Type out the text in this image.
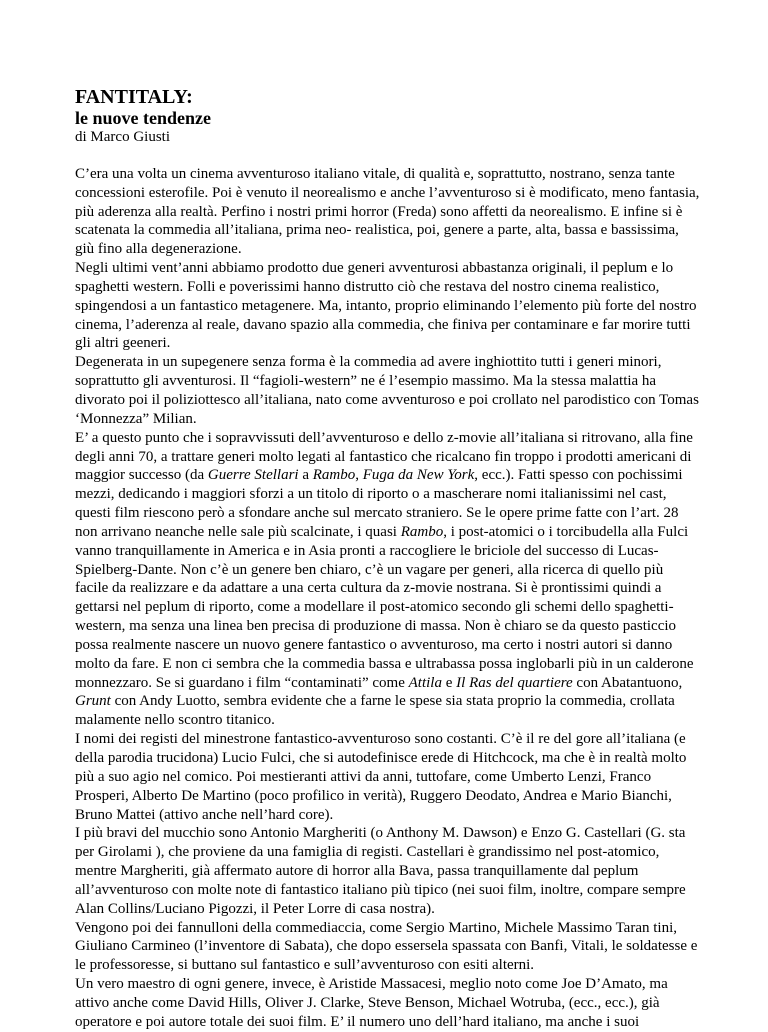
FANTITALY:
le nuove tendenze
di Marco Giusti

C’era una volta un cinema avventuroso italiano vitale, di qualità e, soprattutto, nostrano, senza tante concessioni esterofile. Poi è venuto il neorealismo e anche l’avventuroso si è modificato, meno fantasia, più aderenza alla realtà. Perfino i nostri primi horror (Freda) sono affetti da neorealismo. E infine si è scatenata la commedia all’italiana, prima neo- realistica, poi, genere a parte, alta, bassa e bassissima, giù fino alla degenerazione.

Negli ultimi vent’anni abbiamo prodotto due generi avventurosi abbastanza originali, il peplum e lo spaghetti western. Folli e poverissimi hanno distrutto ciò che restava del nostro cinema realistico, spingendosi a un fantastico metagenere. Ma, intanto, proprio eliminando l’elemento più forte del nostro cinema, l’aderenza al reale, davano spazio alla commedia, che finiva per contaminare e far morire tutti gli altri geeneri.

Degenerata in un supegenere senza forma è la commedia ad avere inghiottito tutti i generi minori, soprattutto gli avventurosi. Il “fagioli-western” ne é l’esempio massimo. Ma la stessa malattia ha divorato poi il poliziottesco all’italiana, nato come avventuroso e poi crollato nel parodistico con Tomas ‘Monnezza” Milian.

E’ a questo punto che i sopravvissuti dell’avventuroso e dello z-movie all’italiana si ritrovano, alla fine degli anni 70, a trattare generi molto legati al fantastico che ricalcano fin troppo i prodotti americani di maggior successo (da Guerre Stellari a Rambo, Fuga da New York, ecc.). Fatti spesso con pochissimi mezzi, dedicando i maggiori sforzi a un titolo di riporto o a mascherare nomi italianissimi nel cast, questi film riescono però a sfondare anche sul mercato straniero. Se le opere prime fatte con l’art. 28 non arrivano neanche nelle sale più scalcinate, i quasi Rambo, i post-atomici o i torcibudella alla Fulci vanno tranquillamente in America e in Asia pronti a raccogliere le briciole del successo di Lucas-Spielberg-Dante. Non c’è un genere ben chiaro, c’è un vagare per generi, alla ricerca di quello più facile da realizzare e da adattare a una certa cultura da z-movie nostrana. Si è prontissimi quindi a gettarsi nel peplum di riporto, come a modellare il post-atomico secondo gli schemi dello spaghetti-western, ma senza una linea ben precisa di produzione di massa. Non è chiaro se da questo pasticcio possa realmente nascere un nuovo genere fantastico o avventuroso, ma certo i nostri autori si danno molto da fare. E non ci sembra che la commedia bassa e ultrabassa possa inglobarli più in un calderone monnezzaro. Se si guardano i film “contaminati” come Attila e Il Ras del quartiere con Abatantuono, Grunt con Andy Luotto, sembra evidente che a farne le spese sia stata proprio la commedia, crollata malamente nello scontro titanico.

I nomi dei registi del minestrone fantastico-avventuroso sono costanti. C’è il re del gore all’italiana (e della parodia trucidona) Lucio Fulci, che si autodefinisce erede di Hitchcock, ma che è in realtà molto più a suo agio nel comico. Poi mestieranti attivi da anni, tuttofare, come Umberto Lenzi, Franco Prosperi, Alberto De Martino (poco profilico in verità), Ruggero Deodato, Andrea e Mario Bianchi, Bruno Mattei (attivo anche nell’hard core).

I più bravi del mucchio sono Antonio Margheriti (o Anthony M. Dawson) e Enzo G. Castellari (G. sta per Girolami ), che proviene da una famiglia di registi. Castellari è grandissimo nel post-atomico, mentre Margheriti, già affermato autore di horror alla Bava, passa tranquillamente dal peplum all’avventuroso con molte note di fantastico italiano più tipico (nei suoi film, inoltre, compare sempre Alan Collins/Luciano Pigozzi, il Peter Lorre di casa nostra).

Vengono poi dei fannulloni della commediaccia, come Sergio Martino, Michele Massimo Taran tini, Giuliano Carmineo (l’inventore di Sabata), che dopo essersela spassata con Banfi, Vitali, le soldatesse e le professoresse, si buttano sul fantastico e sull’avventuroso con esiti alterni.

Un vero maestro di ogni genere, invece, è Aristide Massacesi, meglio noto come Joe D’Amato, ma attivo anche come David Hills, Oliver J. Clarke, Steve Benson, Michael Wotruba, (ecc., ecc.), già operatore e poi autore totale dei suoi film. E’ il numero uno dell’hard italiano, ma anche i suoi
